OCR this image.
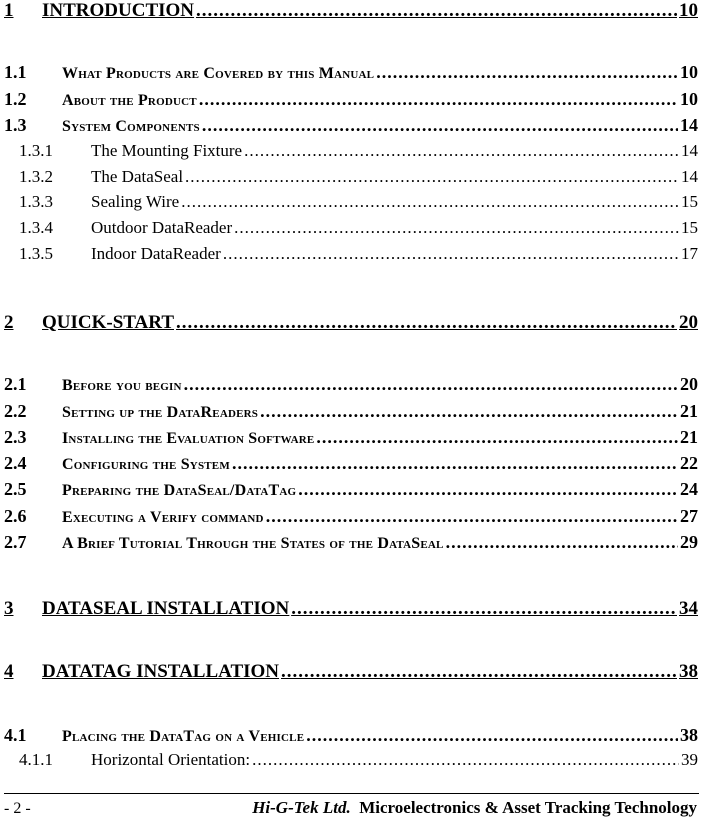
1	INTRODUCTION .....	10
1.1	What Products are Covered by this Manual .....	10
1.2	About the Product .....	10
1.3	System Components .....	14
1.3.1	The Mounting Fixture .....	14
1.3.2	The DataSeal .....	14
1.3.3	Sealing Wire .....	15
1.3.4	Outdoor DataReader .....	15
1.3.5	Indoor DataReader .....	17
2	QUICK-START .....	20
2.1	Before you begin .....	20
2.2	Setting up the DataReaders .....	21
2.3	Installing the Evaluation Software .....	21
2.4	Configuring the System .....	22
2.5	Preparing the DataSeal/DataTag .....	24
2.6	Executing a Verify command .....	27
2.7	A Brief Tutorial Through the States of the DataSeal .....	29
3	DATASEAL INSTALLATION .....	34
4	DATATAG INSTALLATION .....	38
4.1	Placing the DataTag on a Vehicle .....	38
4.1.1	Horizontal Orientation: .....	39
- 2 -	Hi-G-Tek Ltd. Microelectronics & Asset Tracking Technology
